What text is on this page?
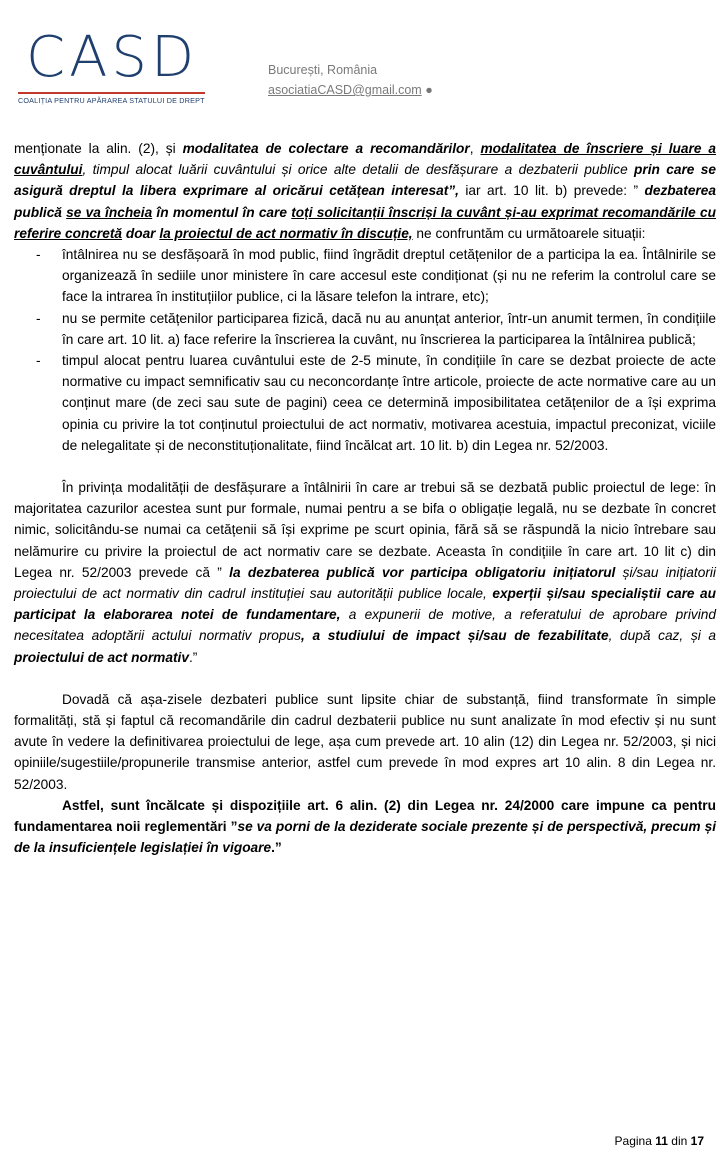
CASD
COALIȚIA PENTRU APĂRAREA STATULUI DE DREPT
București, România
asociatiaCASD@gmail.com ●

menționate la alin. (2), și modalitatea de colectare a recomandărilor, modalitatea de înscriere și luare a cuvântului, timpul alocat luării cuvântului și orice alte detalii de desfășurare a dezbaterii publice prin care se asigură dreptul la libera exprimare al oricărui cetățean interesat”, iar art. 10 lit. b) prevede: ” dezbaterea publică se va încheia în momentul în care toți solicitanții înscriși la cuvânt și-au exprimat recomandările cu referire concretă doar la proiectul de act normativ în discuție, ne confruntăm cu următoarele situații:

- întâlnirea nu se desfășoară în mod public, fiind îngrădit dreptul cetățenilor de a participa la ea. Întâlnirile se organizează în sediile unor ministere în care accesul este condiționat (și nu ne referim la controlul care se face la intrarea în instituțiilor publice, ci la lăsare telefon la intrare, etc);
- nu se permite cetățenilor participarea fizică, dacă nu au anunțat anterior, într-un anumit termen, în condițiile în care art. 10 lit. a) face referire la înscrierea la cuvânt, nu înscrierea la participarea la întâlnirea publică;
- timpul alocat pentru luarea cuvântului este de 2-5 minute, în condițiile în care se dezbat proiecte de acte normative cu impact semnificativ sau cu neconcordanțe între articole, proiecte de acte normative care au un conținut mare (de zeci sau sute de pagini) ceea ce determină imposibilitatea cetățenilor de a își exprima opinia cu privire la tot conținutul proiectului de act normativ, motivarea acestuia, impactul preconizat, viciile de nelegalitate și de neconstituționalitate, fiind încălcat art. 10 lit. b) din Legea nr. 52/2003.

În privința modalității de desfășurare a întâlnirii în care ar trebui să se dezbată public proiectul de lege: în majoritatea cazurilor acestea sunt pur formale, numai pentru a se bifa o obligație legală, nu se dezbate în concret nimic, solicitându-se numai ca cetățenii să își exprime pe scurt opinia, fără să se răspundă la nicio întrebare sau nelămurire cu privire la proiectul de act normativ care se dezbate. Aceasta în condițiile în care art. 10 lit c) din Legea nr. 52/2003 prevede că ” la dezbaterea publică vor participa obligatoriu inițiatorul și/sau inițiatorii proiectului de act normativ din cadrul instituției sau autorității publice locale, experții și/sau specialiștii care au participat la elaborarea notei de fundamentare, a expunerii de motive, a referatului de aprobare privind necesitatea adoptării actului normativ propus, a studiului de impact și/sau de fezabilitate, după caz, și a proiectului de act normativ.”

Dovadă că așa-zisele dezbateri publice sunt lipsite chiar de substanță, fiind transformate în simple formalități, stă și faptul că recomandările din cadrul dezbaterii publice nu sunt analizate în mod efectiv și nu sunt avute în vedere la definitivarea proiectului de lege, așa cum prevede art. 10 alin (12) din Legea nr. 52/2003, și nici opiniile/sugestiile/propunerile transmise anterior, astfel cum prevede în mod expres art 10 alin. 8 din Legea nr. 52/2003.

Astfel, sunt încălcate și dispozițiile art. 6 alin. (2) din Legea nr. 24/2000 care impune ca pentru fundamentarea noii reglementări ”se va porni de la deziderate sociale prezente și de perspectivă, precum și de la insuficiențele legislației în vigoare.”

Pagina 11 din 17
